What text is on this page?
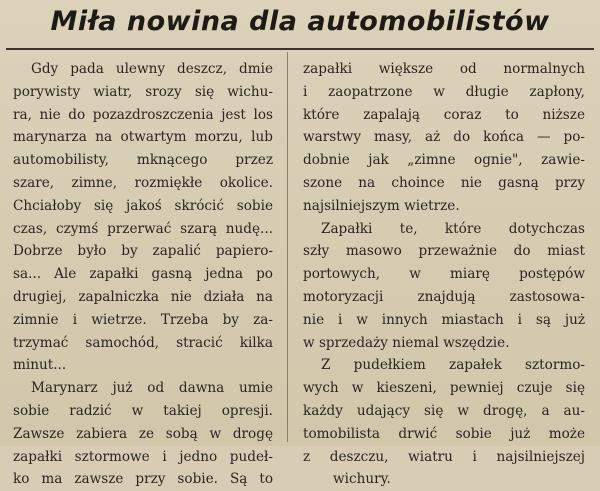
Miła nowina dla automobilistów
Gdy pada ulewny deszcz, dmie
porywisty wiatr, srozy się wichu-
ra, nie do pozazdroszczenia jest los
marynarza na otwartym morzu, lub
automobilisty, mknącego przez
szare, zimne, rozmiękłe okolice.
Chciałoby się jakoś skrócić sobie
czas, czymś przerwać szarą nudę...
Dobrze było by zapalić papiero-
sa... Ale zapałki gasną jedna po
drugiej, zapalniczka nie działa na
zimnie i wietrze. Trzeba by za-
trzymać samochód, stracić kilka
minut...
Marynarz już od dawna umie
sobie radzić w takiej opresji.
Zawsze zabiera ze sobą w drogę
zapałki sztormowe i jedno pudeł-
ko ma zawsze przy sobie. Są to
zapałki większe od normalnych
i zaopatrzone w długie zapłony,
które zapalają coraz to niższe
warstwy masy, aż do końca — po-
dobnie jak „zimne ognie", zawie-
szone na choince nie gasną przy
najsilniejszym wietrze.
Zapałki te, które dotychczas
szły masowo przeważnie do miast
portowych, w miarę postępów
motoryzacji znajdują zastosowa-
nie i w innych miastach i są już
w sprzedaży niemal wszędzie.
Z pudełkiem zapałek sztormo-
wych w kieszeni, pewniej czuje się
każdy udający się w drogę, a au-
tomobilista drwić sobie już może
z deszczu, wiatru i najsilniejszej
wichury.
